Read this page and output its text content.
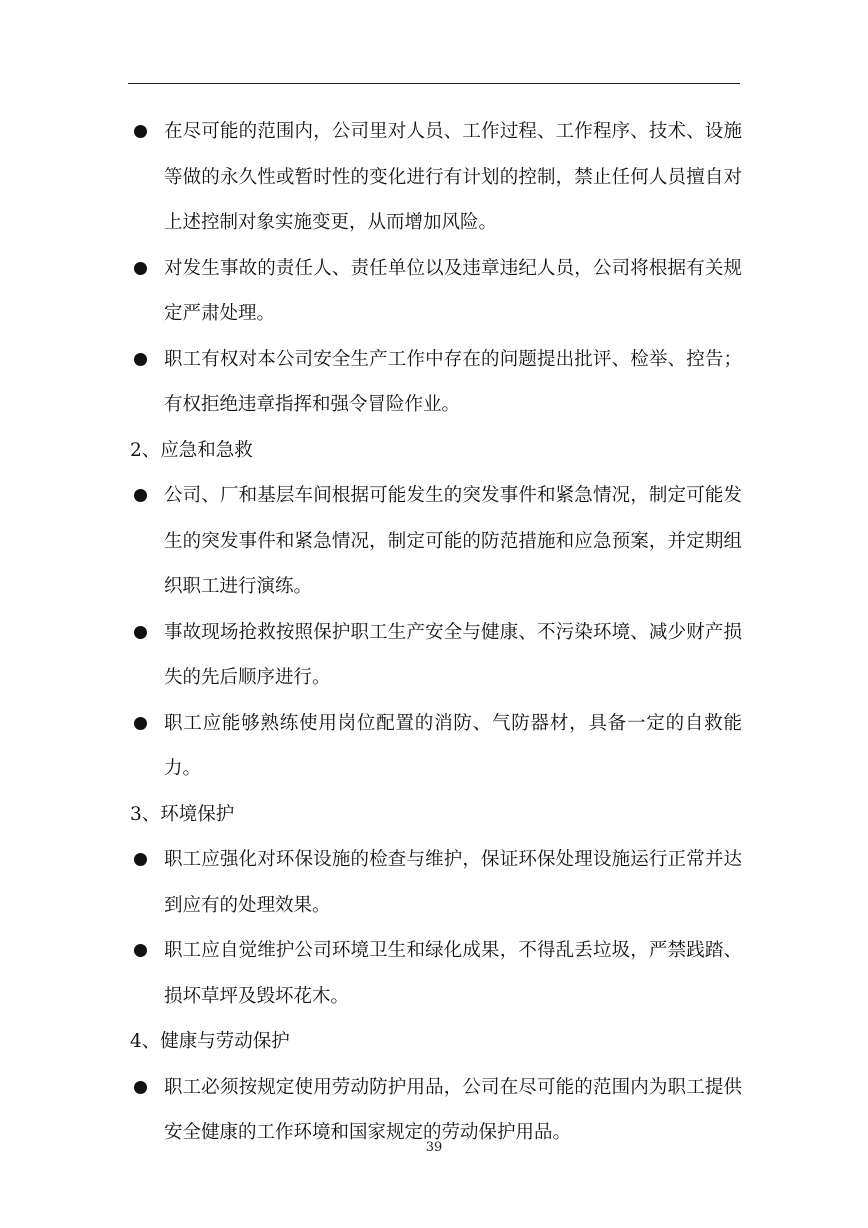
在尽可能的范围内，公司里对人员、工作过程、工作程序、技术、设施等做的永久性或暂时性的变化进行有计划的控制，禁止任何人员擅自对上述控制对象实施变更，从而增加风险。

对发生事故的责任人、责任单位以及违章违纪人员，公司将根据有关规定严肃处理。

职工有权对本公司安全生产工作中存在的问题提出批评、检举、控告；有权拒绝违章指挥和强令冒险作业。

2、应急和急救

公司、厂和基层车间根据可能发生的突发事件和紧急情况，制定可能发生的突发事件和紧急情况，制定可能的防范措施和应急预案，并定期组织职工进行演练。

事故现场抢救按照保护职工生产安全与健康、不污染环境、减少财产损失的先后顺序进行。

职工应能够熟练使用岗位配置的消防、气防器材，具备一定的自救能力。

3、环境保护

职工应强化对环保设施的检查与维护，保证环保处理设施运行正常并达到应有的处理效果。

职工应自觉维护公司环境卫生和绿化成果，不得乱丢垃圾，严禁践踏、损坏草坪及毁坏花木。

4、健康与劳动保护

职工必须按规定使用劳动防护用品，公司在尽可能的范围内为职工提供安全健康的工作环境和国家规定的劳动保护用品。

39
